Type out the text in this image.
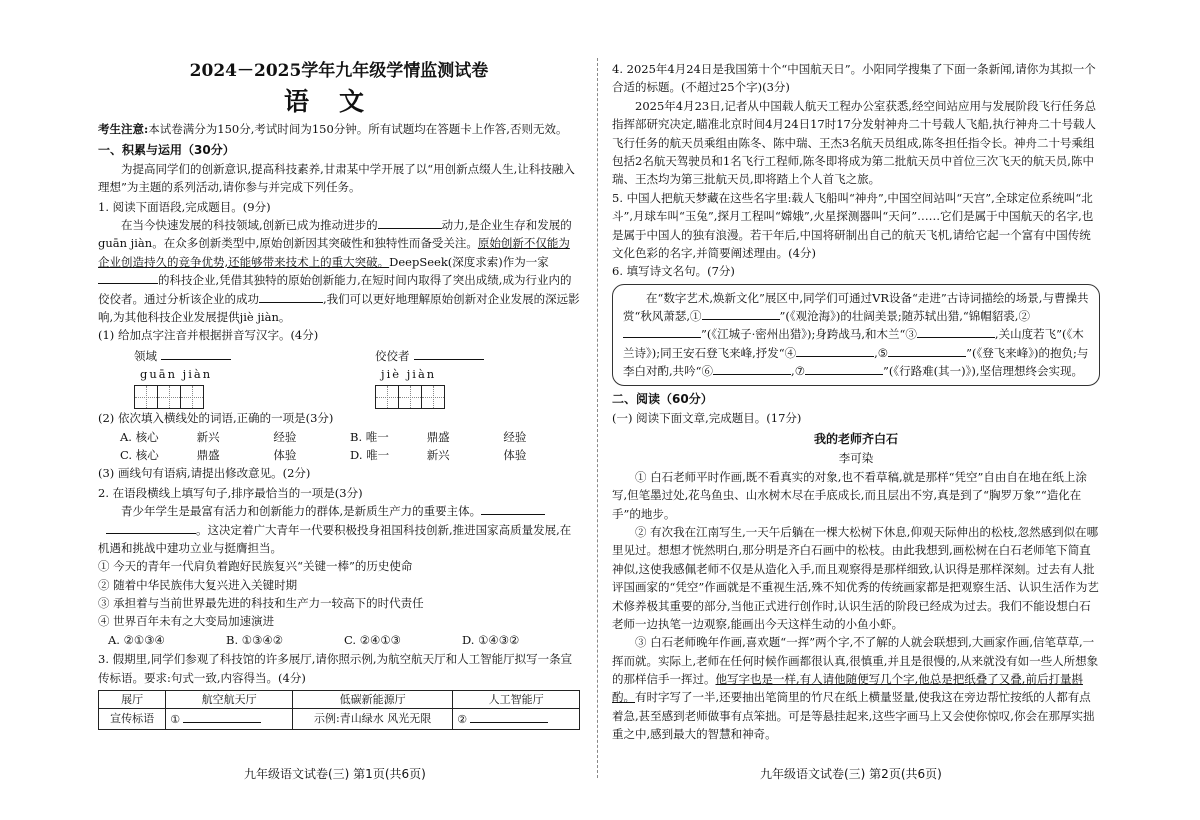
2024－2025学年九年级学情监测试卷

语文

考生注意:本试卷满分为150分,考试时间为150分钟。所有试题均在答题卡上作答,否则无效。

一、积累与运用（30分）

为提高同学们的创新意识,提高科技素养,甘肃某中学开展了以“用创新点缀人生,让科技融入理想”为主题的系列活动,请你参与并完成下列任务。

1. 阅读下面语段,完成题目。(9分)

在当今快速发展的科技领域,创新已成为推动进步的	动力,是企业生存和发展的guān jiàn。在众多创新类型中,原始创新因其突破性和独特性而备受关注。原始创新不仅能为企业创造持久的竞争优势,还能够带来技术上的重大突破。DeepSeek(深度求索)作为一家的科技企业,凭借其独特的原始创新能力,在短时间内取得了突出成绩,成为行业内的佼佼者。通过分析该企业的成功	,我们可以更好地理解原始创新对企业发展的深远影响,为其他科技企业发展提供jiè jiàn。

(1) 给加点字注音并根据拼音写汉字。(4分)

领域
guān jiàn
佼佼者
jiè jiàn

(2) 依次填入横线处的词语,正确的一项是(3分)

A. 核心	新兴	经验	B. 唯一	鼎盛	经验
C. 核心	鼎盛	体验	D. 唯一	新兴	体验

(3) 画线句有语病,请提出修改意见。(2分)

2. 在语段横线上填写句子,排序最恰当的一项是(3分)

青少年学生是最富有活力和创新能力的群体,是新质生产力的重要主体。。这决定着广大青年一代要积极投身祖国科技创新,推进国家高质量发展,在机遇和挑战中建功立业与挺膺担当。

① 今天的青年一代肩负着跑好民族复兴“关键一棒”的历史使命

② 随着中华民族伟大复兴进入关键时期

③ 承担着与当前世界最先进的科技和生产力一较高下的时代责任

④ 世界百年未有之大变局加速演进

A. ②①③④	B. ①③④②	C. ②④①③	D. ①④③②

3. 假期里,同学们参观了科技馆的许多展厅,请你照示例,为航空航天厅和人工智能厅拟写一条宣传标语。要求:句式一致,内容得当。(4分)

展厅	航空航天厅	低碳新能源厅	人工智能厅
宣传标语	①	示例:青山绿水 风光无限	②
九年级语文试卷(三) 第1页(共6页)

4. 2025年4月24日是我国第十个“中国航天日”。小阳同学搜集了下面一条新闻,请你为其拟一个合适的标题。(不超过25个字)(3分)

2025年4月23日,记者从中国载人航天工程办公室获悉,经空间站应用与发展阶段飞行任务总指挥部研究决定,瞄准北京时间4月24日17时17分发射神舟二十号载人飞船,执行神舟二十号载人飞行任务的航天员乘组由陈冬、陈中瑞、王杰3名航天员组成,陈冬担任指令长。神舟二十号乘组包括2名航天驾驶员和1名飞行工程师,陈冬即将成为第二批航天员中首位三次飞天的航天员,陈中瑞、王杰均为第三批航天员,即将踏上个人首飞之旅。

5. 中国人把航天梦藏在这些名字里:载人飞船叫“神舟”,中国空间站叫“天宫”,全球定位系统叫“北斗”,月球车叫“玉兔”,探月工程叫“嫦娥”,火星探测器叫“天问”……它们是属于中国航天的名字,也是属于中国人的独有浪漫。若干年后,中国将研制出自己的航天飞机,请给它起一个富有中国传统文化色彩的名字,并简要阐述理由。(4分)

6. 填写诗文名句。(7分)

在“数字艺术,焕新文化”展区中,同学们可通过VR设备“走进”古诗词描绘的场景,与曹操共赏“秋风萧瑟,①	”(《观沧海》)的壮阔美景;随苏轼出猎,“锦帽貂裘,②”(《江城子·密州出猎》);身跨战马,和木兰“③	,关山度若飞”(《木兰诗》);同王安石登飞来峰,抒发“④	,⑤	”(《登飞来峰》)的抱负;与李白对酌,共吟“⑥	,⑦	”(《行路难(其一)》),坚信理想终会实现。

二、阅读（60分）

(一) 阅读下面文章,完成题目。(17分)

我的老师齐白石

李可染

① 白石老师平时作画,既不看真实的对象,也不看草稿,就是那样“凭空”自由自在地在纸上涂写,但笔墨过处,花鸟鱼虫、山水树木尽在手底成长,而且层出不穷,真是到了“胸罗万象”“造化在手”的地步。

② 有次我在江南写生,一天午后躺在一棵大松树下休息,仰观天际伸出的松枝,忽然感到似在哪里见过。想想才恍然明白,那分明是齐白石画中的松枝。由此我想到,画松树在白石老师笔下简直神似,这使我感佩老师不仅是从造化入手,而且观察得是那样细致,认识得是那样深刻。过去有人批评国画家的“凭空”作画就是不重视生活,殊不知优秀的传统画家都是把观察生活、认识生活作为艺术修养极其重要的部分,当他正式进行创作时,认识生活的阶段已经成为过去。我们不能设想白石老师一边执笔一边观察,能画出今天这样生动的小鱼小虾。

③ 白石老师晚年作画,喜欢题“一挥”两个字,不了解的人就会联想到,大画家作画,信笔草草,一挥而就。实际上,老师在任何时候作画都很认真,很慎重,并且是很慢的,从来就没有如一些人所想象的那样信手一挥过。他写字也是一样,有人请他随便写几个字,他总是把纸叠了又叠,前后打量斟酌。有时字写了一半,还要抽出笔筒里的竹尺在纸上横量竖量,使我这在旁边帮忙按纸的人都有点着急,甚至感到老师做事有点笨拙。可是等悬挂起来,这些字画马上又会使你惊叹,你会在那厚实拙重之中,感到最大的智慧和神奇。

九年级语文试卷(三) 第2页(共6页)
